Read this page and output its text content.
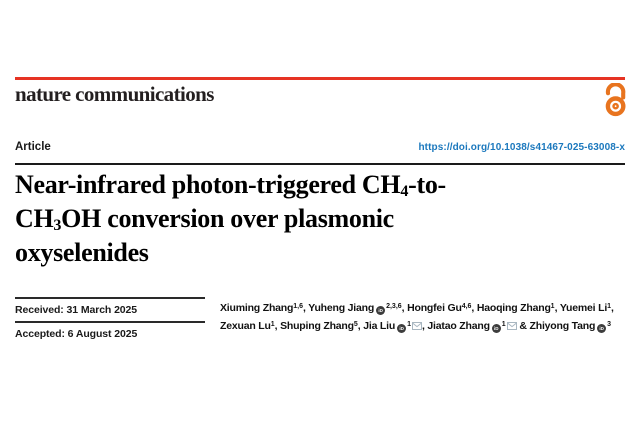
nature communications
Article	https://doi.org/10.1038/s41467-025-63008-x
Near-infrared photon-triggered $CH_4-to-$
$CH_3OH$ conversion over plasmonic
oxyselenides
Received: 31 March 2025
Accepted: 6 August 2025

Xiuming Zhang$^{1,6}$, Yuheng Jiang iD$^{2,3,6}$, Hongfei Gu$^{4,6}$, Haoqing Zhang$^1$, Yuemei Li$^1$, Zexuan Lu$^1$, Shuping Zhang$^5$, Jia Liu $iD^1$ , Jiatao Zhang $iD^1$ & Zhiyong Tang $iD^3$
